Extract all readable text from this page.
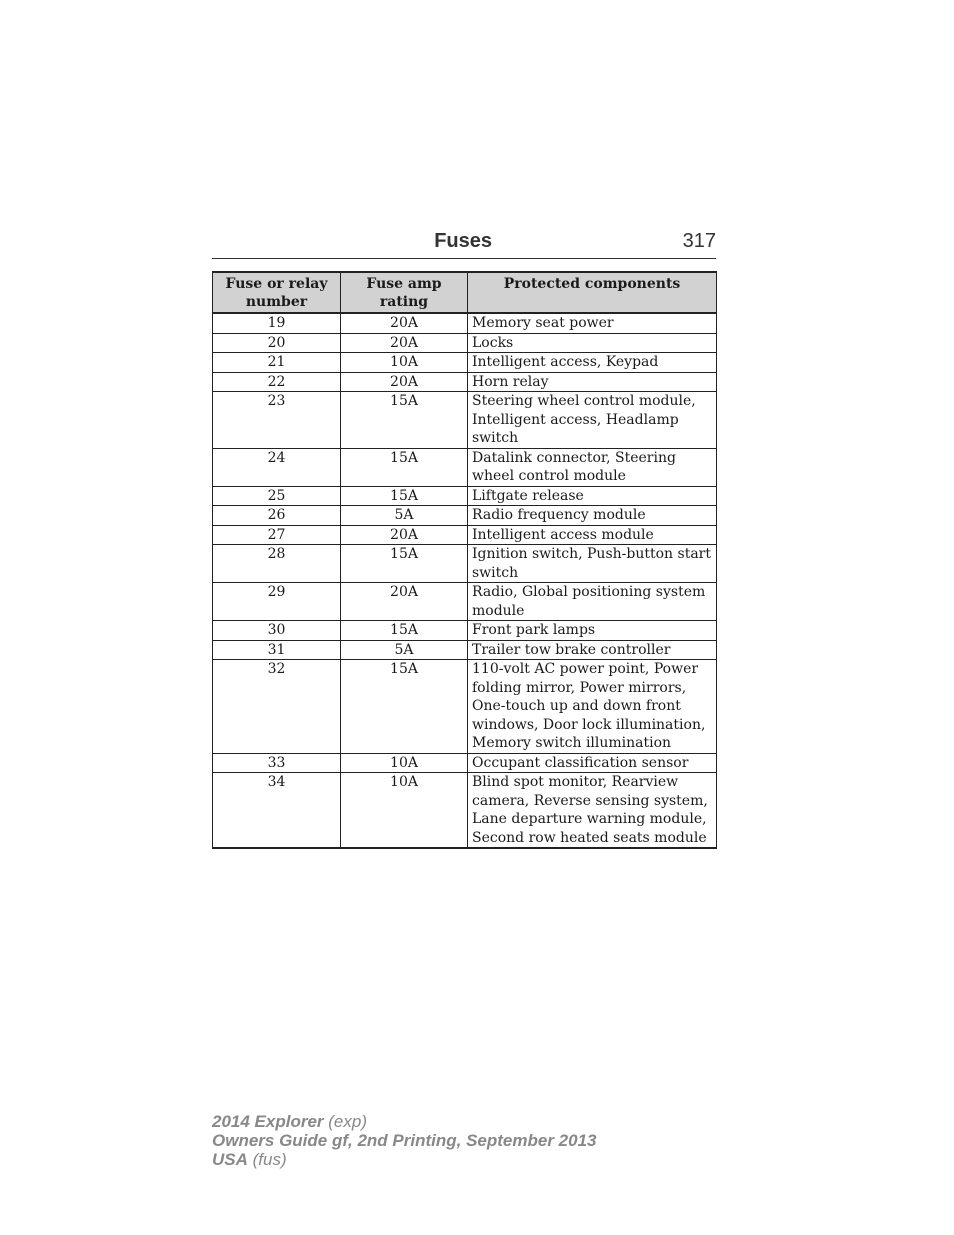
Fuses	317
Fuse or relay number	Fuse amp rating	Protected components
19	20A	Memory seat power
20	20A	Locks
21	10A	Intelligent access, Keypad
22	20A	Horn relay
23	15A	Steering wheel control module, Intelligent access, Headlamp switch
24	15A	Datalink connector, Steering wheel control module
25	15A	Liftgate release
26	5A	Radio frequency module
27	20A	Intelligent access module
28	15A	Ignition switch, Push-button start switch
29	20A	Radio, Global positioning system module
30	15A	Front park lamps
31	5A	Trailer tow brake controller
32	15A	110-volt AC power point, Power folding mirror, Power mirrors, One-touch up and down front windows, Door lock illumination, Memory switch illumination
33	10A	Occupant classification sensor
34	10A	Blind spot monitor, Rearview camera, Reverse sensing system, Lane departure warning module, Second row heated seats module
2014 Explorer (exp)
Owners Guide gf, 2nd Printing, September 2013
USA (fus)
